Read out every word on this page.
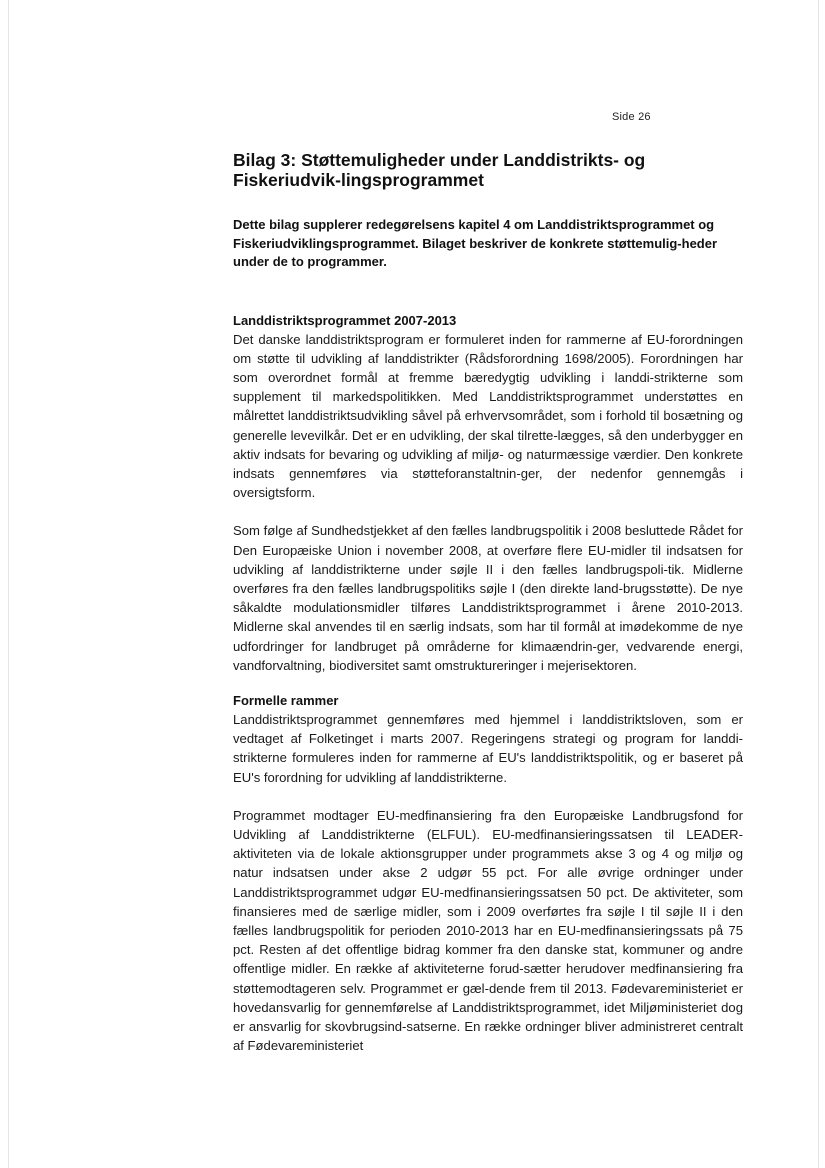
Side 26
Bilag 3: Støttemuligheder under Landdistrikts- og Fiskeriudvik-lingsprogrammet

Dette bilag supplerer redegørelsens kapitel 4 om Landdistriktsprogrammet og Fiskeriudviklingsprogrammet. Bilaget beskriver de konkrete støttemulig-heder under de to programmer.

Landdistriktsprogrammet 2007-2013

Det danske landdistriktsprogram er formuleret inden for rammerne af EU-forordningen om støtte til udvikling af landdistrikter (Rådsforordning 1698/2005). Forordningen har som overordnet formål at fremme bæredygtig udvikling i landdi-strikterne som supplement til markedspolitikken. Med Landdistriktsprogrammet understøttes en målrettet landdistriktsudvikling såvel på erhvervsområdet, som i forhold til bosætning og generelle levevilkår. Det er en udvikling, der skal tilrette-lægges, så den underbygger en aktiv indsats for bevaring og udvikling af miljø- og naturmæssige værdier. Den konkrete indsats gennemføres via støtteforanstaltnin-ger, der nedenfor gennemgås i oversigtsform.

Som følge af Sundhedstjekket af den fælles landbrugspolitik i 2008 besluttede Rådet for Den Europæiske Union i november 2008, at overføre flere EU-midler til indsatsen for udvikling af landdistrikterne under søjle II i den fælles landbrugspoli-tik. Midlerne overføres fra den fælles landbrugspolitiks søjle I (den direkte land-brugsstøtte). De nye såkaldte modulationsmidler tilføres Landdistriktsprogrammet i årene 2010-2013. Midlerne skal anvendes til en særlig indsats, som har til formål at imødekomme de nye udfordringer for landbruget på områderne for klimaændrin-ger, vedvarende energi, vandforvaltning, biodiversitet samt omstruktureringer i mejerisektoren.

Formelle rammer

Landdistriktsprogrammet gennemføres med hjemmel i landdistriktsloven, som er vedtaget af Folketinget i marts 2007. Regeringens strategi og program for landdi-strikterne formuleres inden for rammerne af EU's landdistriktspolitik, og er baseret på EU's forordning for udvikling af landdistrikterne.

Programmet modtager EU-medfinansiering fra den Europæiske Landbrugsfond for Udvikling af Landdistrikterne (ELFUL). EU-medfinansieringssatsen til LEADER-aktiviteten via de lokale aktionsgrupper under programmets akse 3 og 4 og miljø og natur indsatsen under akse 2 udgør 55 pct. For alle øvrige ordninger under Landdistriktsprogrammet udgør EU-medfinansieringssatsen 50 pct. De aktiviteter, som finansieres med de særlige midler, som i 2009 overførtes fra søjle I til søjle II i den fælles landbrugspolitik for perioden 2010-2013 har en EU-medfinansieringssats på 75 pct. Resten af det offentlige bidrag kommer fra den danske stat, kommuner og andre offentlige midler. En række af aktiviteterne forud-sætter herudover medfinansiering fra støttemodtageren selv. Programmet er gæl-dende frem til 2013. Fødevareministeriet er hovedansvarlig for gennemførelse af Landdistriktsprogrammet, idet Miljøministeriet dog er ansvarlig for skovbrugsind-satserne. En række ordninger bliver administreret centralt af Fødevareministeriet
